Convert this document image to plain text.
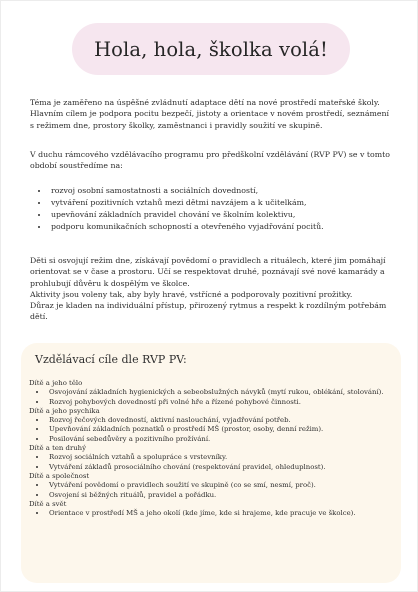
Hola, hola, školka volá!

Téma je zaměřeno na úspěšné zvládnutí adaptace dětí na nové prostředí mateřské školy. Hlavním cílem je podpora pocitu bezpečí, jistoty a orientace v novém prostředí, seznámení s režimem dne, prostory školky, zaměstnanci i pravidly soužití ve skupině.

V duchu rámcového vzdělávacího programu pro předškolní vzdělávání (RVP PV) se v tomto období soustředíme na:

• rozvoj osobní samostatnosti a sociálních dovedností,
• vytváření pozitivních vztahů mezi dětmi navzájem a k učitelkám,
• upevňování základních pravidel chování ve školním kolektivu,
• podporu komunikačních schopností a otevřeného vyjadřování pocitů.

Děti si osvojují režim dne, získávají povědomí o pravidlech a rituálech, které jim pomáhají orientovat se v čase a prostoru. Učí se respektovat druhé, poznávají své nové kamarády a prohlubují důvěru k dospělým ve školce.

Aktivity jsou voleny tak, aby byly hravé, vstřícné a podporovaly pozitivní prožitky.

Důraz je kladen na individuální přístup, přirozený rytmus a respekt k rozdílným potřebám dětí.

Vzdělávací cíle dle RVP PV:

Dítě a jeho tělo

• Osvojování základních hygienických a sebeobslužných návyků (mytí rukou, oblékání, stolování).
• Rozvoj pohybových dovedností při volné hře a řízené pohybové činnosti.

Dítě a jeho psychika

• Rozvoj řečových dovedností, aktivní naslouchání, vyjadřování potřeb.
• Upevňování základních poznatků o prostředí MŠ (prostor, osoby, denní režim).
• Posilování sebedůvěry a pozitivního prožívání.

Dítě a ten druhý

• Rozvoj sociálních vztahů a spolupráce s vrstevníky.
• Vytváření základů prosociálního chování (respektování pravidel, ohleduplnost).

Dítě a společnost

• Vytváření povědomí o pravidlech soužití ve skupině (co se smí, nesmí, proč).
• Osvojení si běžných rituálů, pravidel a pořádku.

Dítě a svět

• Orientace v prostředí MŠ a jeho okolí (kde jíme, kde si hrajeme, kde pracuje ve školce).
